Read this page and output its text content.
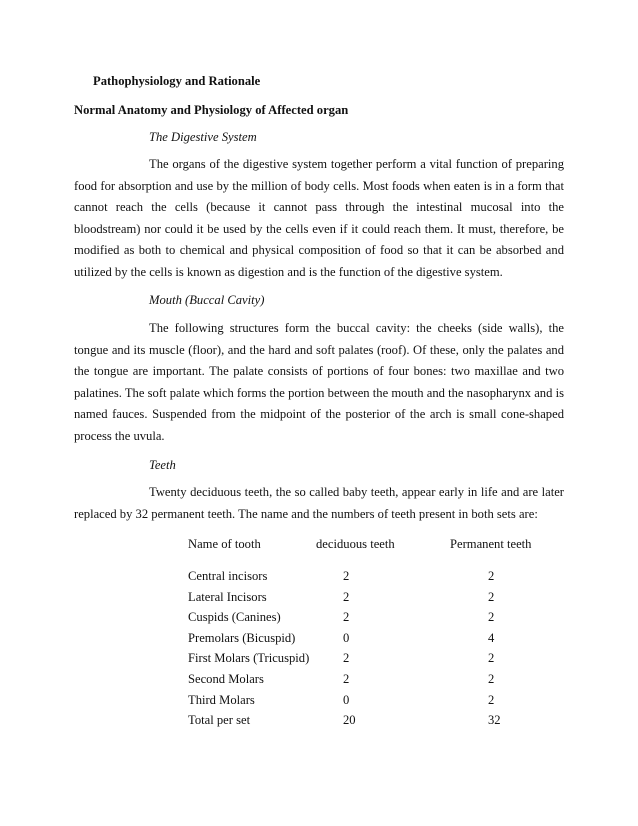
Pathophysiology and Rationale
Normal Anatomy and Physiology of Affected organ
The Digestive System
The organs of the digestive system together perform a vital function of preparing food for absorption and use by the million of body cells. Most foods when eaten is in a form that cannot reach the cells (because it cannot pass through the intestinal mucosal into the bloodstream) nor could it be used by the cells even if it could reach them. It must, therefore, be modified as both to chemical and physical composition of food so that it can be absorbed and utilized by the cells is known as digestion and is the function of the digestive system.
Mouth (Buccal Cavity)
The following structures form the buccal cavity: the cheeks (side walls), the tongue and its muscle (floor), and the hard and soft palates (roof). Of these, only the palates and the tongue are important. The palate consists of portions of four bones: two maxillae and two palatines. The soft palate which forms the portion between the mouth and the nasopharynx and is named fauces. Suspended from the midpoint of the posterior of the arch is small cone-shaped process the uvula.
Teeth
Twenty deciduous teeth, the so called baby teeth, appear early in life and are later replaced by 32 permanent teeth. The name and the numbers of teeth present in both sets are:
Name of tooth	deciduous teeth	Permanent teeth
Central incisors	2	2
Lateral Incisors	2	2
Cuspids (Canines)	2	2
Premolars (Bicuspid)	0	4
First Molars (Tricuspid)	2	2
Second Molars	2	2
Third Molars	0	2
Total per set	20	32
